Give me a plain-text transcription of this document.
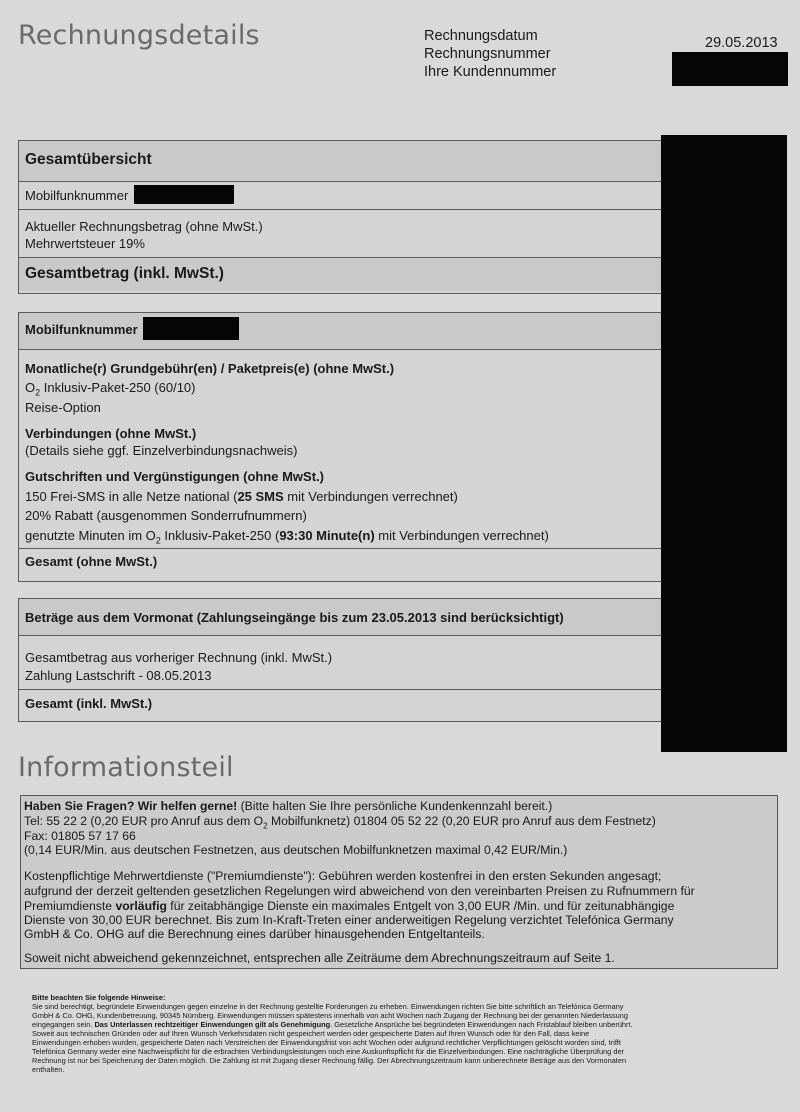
Rechnungsdetails	Rechnungsdatum
Rechnungsnummer
Ihre Kundennummer
29.05.2013
Gesamtübersicht
Mobilfunknummer
Aktueller Rechnungsbetrag (ohne MwSt.)
Mehrwertsteuer 19%
Gesamtbetrag (inkl. MwSt.)
Mobilfunknummer
Monatliche(r) Grundgebühr(en) / Paketpreis(e) (ohne MwSt.)
$O_2$ Inklusiv-Paket-250 (60/10)
Reise-Option
Verbindungen (ohne MwSt.)
(Details siehe ggf. Einzelverbindungsnachweis)
Gutschriften und Vergünstigungen (ohne MwSt.)
150 Frei-SMS in alle Netze national (25 SMS mit Verbindungen verrechnet)
20% Rabatt (ausgenommen Sonderrufnummern)
genutzte Minuten im $O_2$ Inklusiv-Paket-250 (93:30 Minute(n) mit Verbindungen verrechnet)
Gesamt (ohne MwSt.)
Beträge aus dem Vormonat (Zahlungseingänge bis zum 23.05.2013 sind berücksichtigt)
Gesamtbetrag aus vorheriger Rechnung (inkl. MwSt.)
Zahlung Lastschrift - 08.05.2013
Gesamt (inkl. MwSt.)
Informationsteil
Haben Sie Fragen? Wir helfen gerne! (Bitte halten Sie Ihre persönliche Kundenkennzahl bereit.)
Tel: 55 22 2 (0,20 EUR pro Anruf aus dem $O_2$ Mobilfunknetz) 01804 05 52 22 (0,20 EUR pro Anruf aus dem Festnetz)
Fax: 01805 57 17 66
(0,14 EUR/Min. aus deutschen Festnetzen, aus deutschen Mobilfunknetzen maximal 0,42 EUR/Min.)
Kostenpflichtige Mehrwertdienste ("Premiumdienste"): Gebühren werden kostenfrei in den ersten Sekunden angesagt;
aufgrund der derzeit geltenden gesetzlichen Regelungen wird abweichend von den vereinbarten Preisen zu Rufnummern für
Premiumdienste vorläufig für zeitabhängige Dienste ein maximales Entgelt von 3,00 EUR /Min. und für zeitunabhängige
Dienste von 30,00 EUR berechnet. Bis zum In-Kraft-Treten einer anderweitigen Regelung verzichtet Telefónica Germany
GmbH & Co. OHG auf die Berechnung eines darüber hinausgehenden Entgeltanteils.
Soweit nicht abweichend gekennzeichnet, entsprechen alle Zeiträume dem Abrechnungszeitraum auf Seite 1.
Bitte beachten Sie folgende Hinweise:
Sie sind berechtigt, begründete Einwendungen gegen einzelne in der Rechnung gestellte Forderungen zu erheben. Einwendungen richten Sie bitte schriftlich an Telefónica Germany
GmbH & Co. OHG, Kundenbetreuung, 90345 Nürnberg. Einwendungen müssen spätestens innerhalb von acht Wochen nach Zugang der Rechnung bei der genannten Niederlassung
eingegangen sein. Das Unterlassen rechtzeitiger Einwendungen gilt als Genehmigung. Gesetzliche Ansprüche bei begründeten Einwendungen nach Fristablauf bleiben unberührt.
Soweit aus technischen Gründen oder auf Ihren Wunsch Verkehrsdaten nicht gespeichert werden oder gespeicherte Daten auf Ihren Wunsch oder für den Fall, dass keine
Einwendungen erhoben wurden, gespeicherte Daten nach Verstreichen der Einwendungsfrist von acht Wochen oder aufgrund rechtlicher Verpflichtungen gelöscht worden sind, trifft
Telefónica Germany weder eine Nachweispflicht für die erbrachten Verbindungsleistungen noch eine Auskunftspflicht für die Einzelverbindungen. Eine nachträgliche Überprüfung der
Rechnung ist nur bei Speicherung der Daten möglich. Die Zahlung ist mit Zugang dieser Rechnung fällig. Der Abrechnungszeitraum kann unberechnete Beträge aus den Vormonaten
enthalten.
